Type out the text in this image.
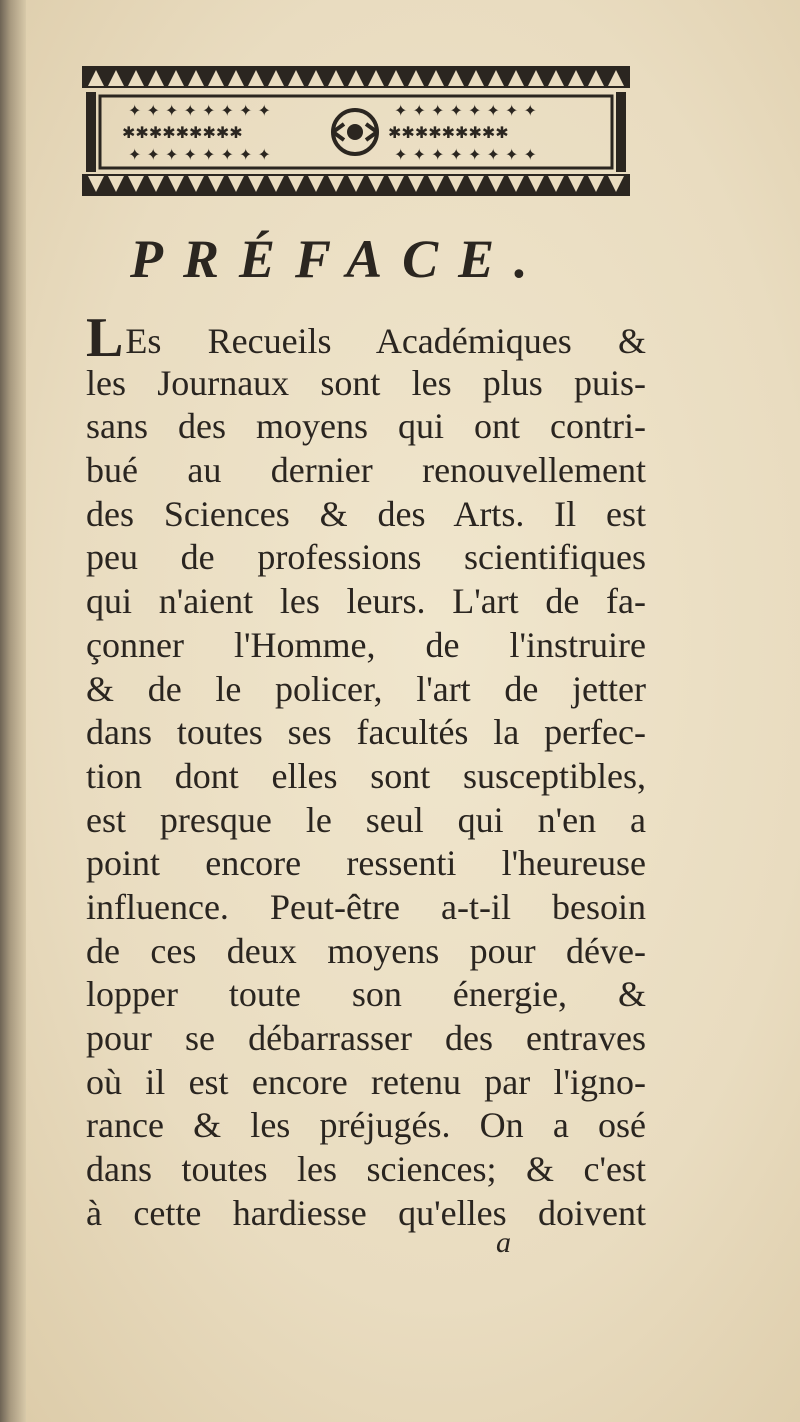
✦ ✦ ✦ ✦ ✦ ✦ ✦ ✦
✱✱✱✱✱✱✱✱✱
✦ ✦ ✦ ✦ ✦ ✦ ✦ ✦
✦ ✦ ✦ ✦ ✦ ✦ ✦ ✦
✱✱✱✱✱✱✱✱✱
✦ ✦ ✦ ✦ ✦ ✦ ✦ ✦
PRÉFACE.
LEs Recueils Académiques &
les Journaux sont les plus puis-
sans des moyens qui ont contri-
bué au dernier renouvellement
des Sciences & des Arts. Il est
peu de professions scientifiques
qui n'aient les leurs. L'art de fa-
çonner l'Homme, de l'instruire
& de le policer, l'art de jetter
dans toutes ses facultés la perfec-
tion dont elles sont susceptibles,
est presque le seul qui n'en a
point encore ressenti l'heureuse
influence. Peut-être a-t-il besoin
de ces deux moyens pour déve-
lopper toute son énergie, &
pour se débarrasser des entraves
où il est encore retenu par l'igno-
rance & les préjugés. On a osé
dans toutes les sciences; & c'est
à cette hardiesse qu'elles doivent
a
